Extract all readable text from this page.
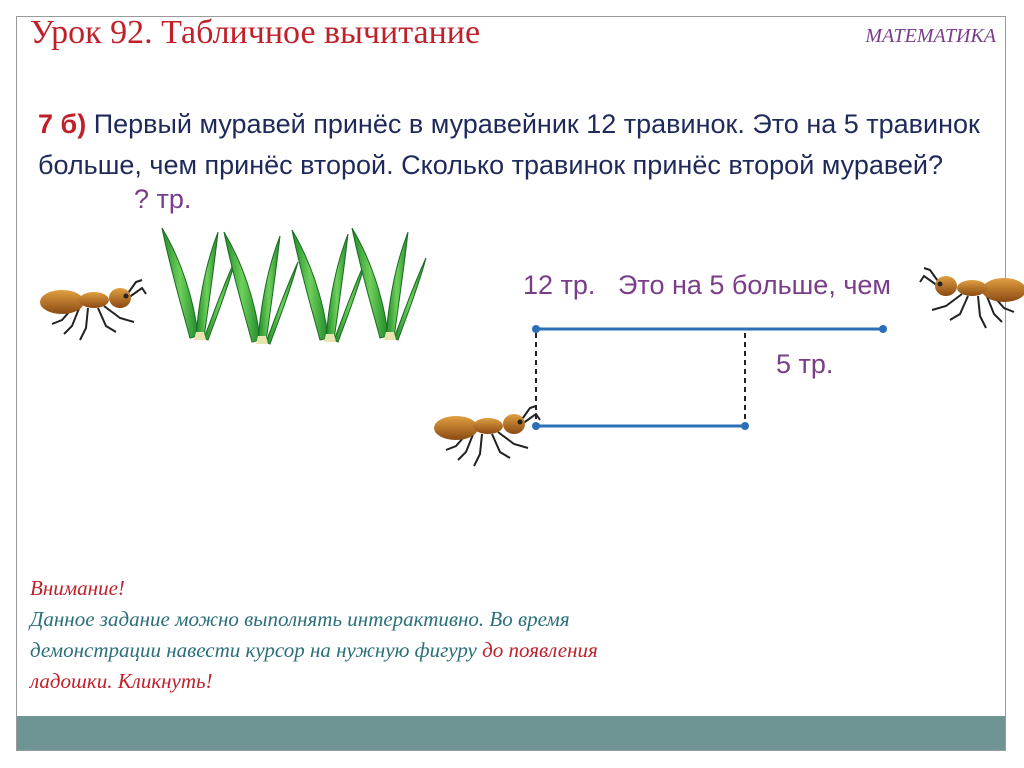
Урок 92. Табличное вычитание	МАТЕМАТИКА
7 б) Первый муравей принёс в муравейник 12 травинок. Это на 5 травинок больше, чем принёс второй. Сколько травинок принёс второй муравей?
? тр.
12 тр. Это на 5 больше, чем
5 тр.
Внимание!
Данное задание можно выполнять интерактивно. Во время демонстрации навести курсор на нужную фигуру до появления ладошки. Кликнуть!
